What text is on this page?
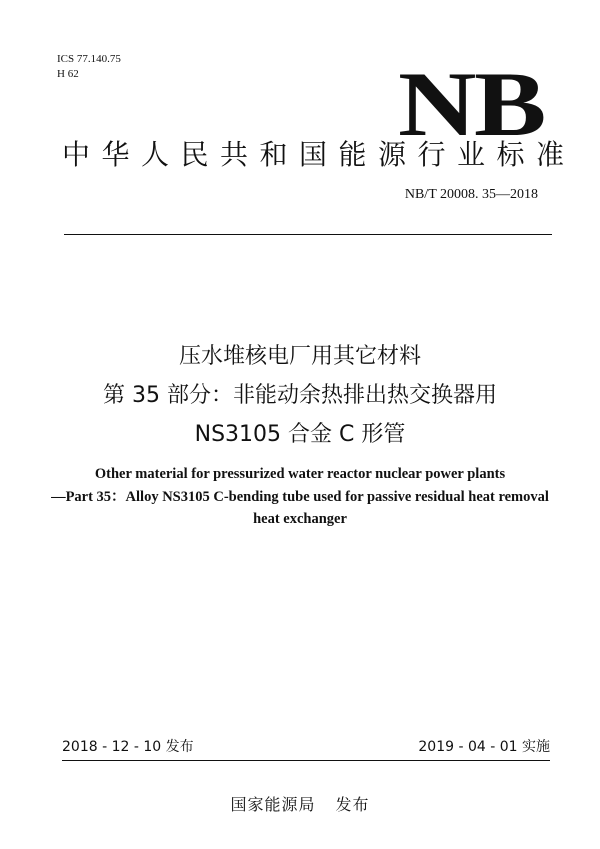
ICS 77.140.75
H 62	NB
中华人民共和国能源行业标准
NB/T 20008. 35—2018
压水堆核电厂用其它材料
第 35 部分：非能动余热排出热交换器用
NS3105 合金 C 形管
Other material for pressurized water reactor nuclear power plants
—Part 35：Alloy NS3105 C-bending tube used for passive residual heat removal
heat exchanger
2018 - 12 - 10 发布	2019 - 04 - 01 实施
国家能源局 发布
